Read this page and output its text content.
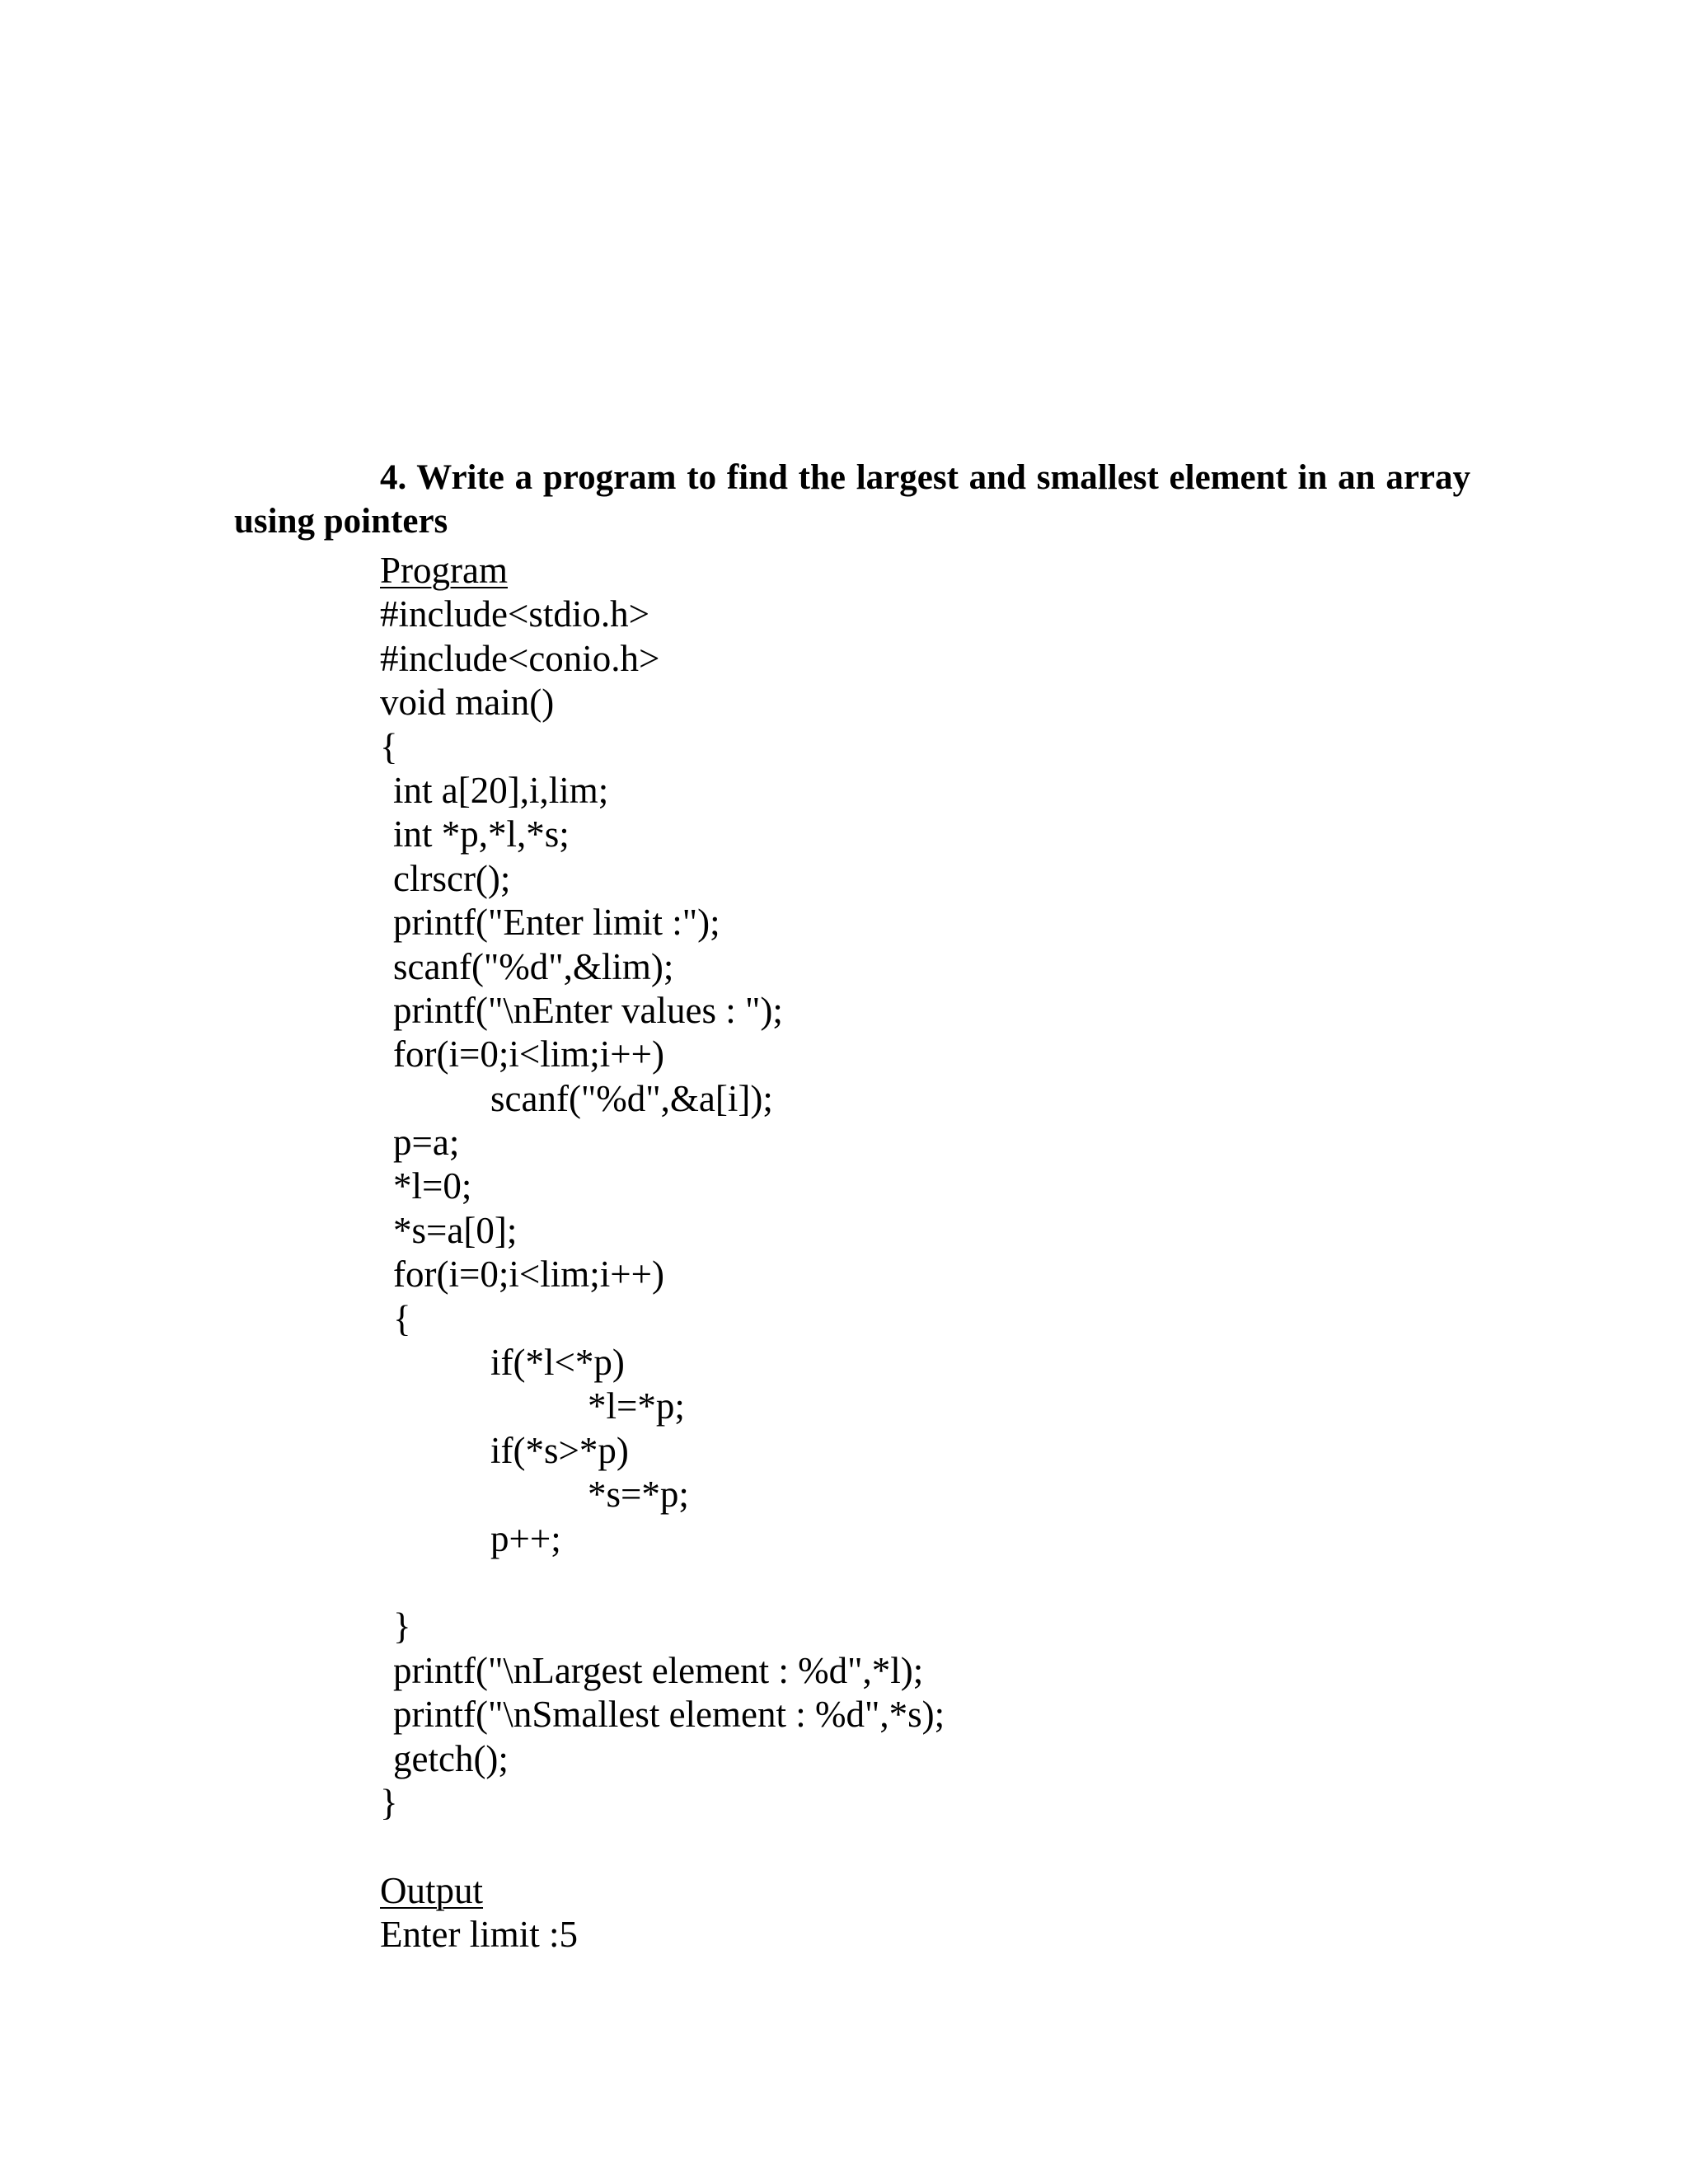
4. Write a program to find the largest and smallest element in an array using pointers
Program
#include<stdio.h>
#include<conio.h>
void main()
{
int a[20],i,lim;
int *p,*l,*s;
clrscr();
printf("Enter limit :");
scanf("%d",&lim);
printf("\nEnter values : ");
for(i=0;i<lim;i++)
scanf("%d",&a[i]);
p=a;
*l=0;
*s=a[0];
for(i=0;i<lim;i++)
{
if(*l<*p)
*l=*p;
if(*s>*p)
*s=*p;
p++;
}
printf("\nLargest element : %d",*l);
printf("\nSmallest element : %d",*s);
getch();
}
Output
Enter limit :5
